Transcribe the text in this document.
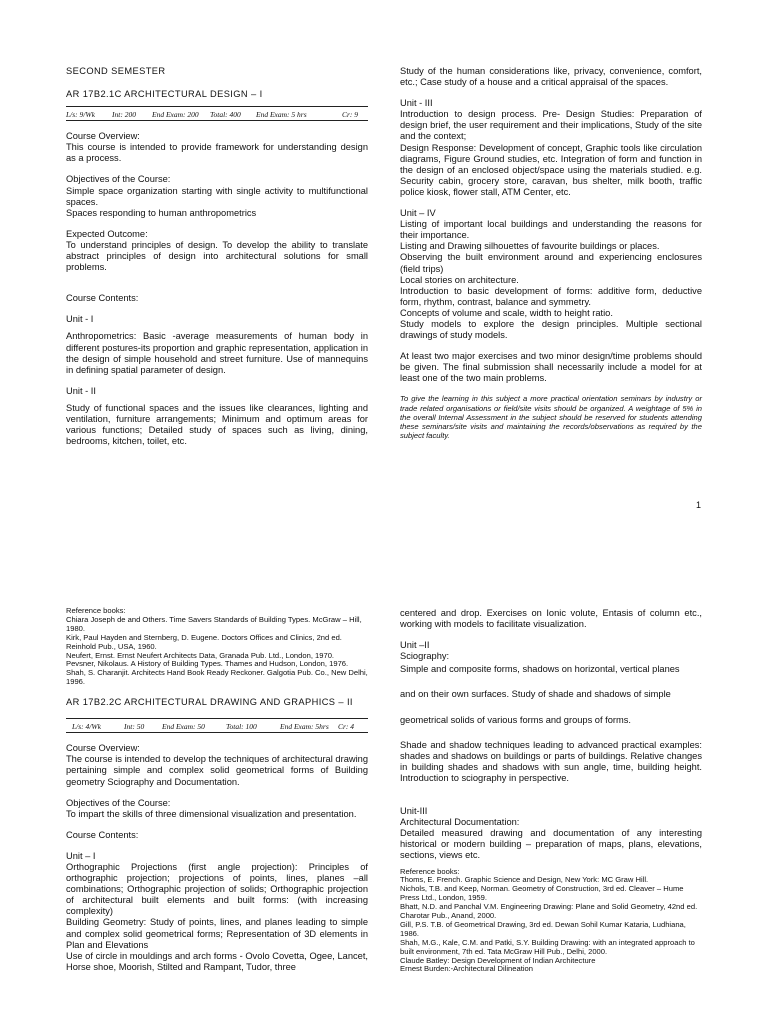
SECOND SEMESTER

AR 17B2.1C ARCHITECTURAL DESIGN – I

L/s: 9/Wk Int: 200 End Exam: 200 Total: 400 End Exam: 5 hrs	Cr: 9

Course Overview:

This course is intended to provide framework for understanding design as a process.

Objectives of the Course:

Simple space organization starting with single activity to multifunctional spaces.

Spaces responding to human anthropometrics

Expected Outcome:

To understand principles of design. To develop the ability to translate abstract principles of design into architectural solutions for small problems.

Course Contents:

Unit - I

Anthropometrics: Basic -average measurements of human body in different postures-its proportion and graphic representation, application in the design of simple household and street furniture. Use of mannequins in defining spatial parameter of design.

Unit - II

Study of functional spaces and the issues like clearances, lighting and ventilation, furniture arrangements; Minimum and optimum areas for various functions; Detailed study of spaces such as living, dining, bedrooms, kitchen, toilet, etc.

Study of the human considerations like, privacy, convenience, comfort, etc.; Case study of a house and a critical appraisal of the spaces.

Unit - III

Introduction to design process. Pre- Design Studies: Preparation of design brief, the user requirement and their implications, Study of the site and the context;

Design Response: Development of concept, Graphic tools like circulation diagrams, Figure Ground studies, etc. Integration of form and function in the design of an enclosed object/space using the materials studied. e.g. Security cabin, grocery store, caravan, bus shelter, milk booth, traffic police kiosk, flower stall, ATM Center, etc.

Unit – IV

Listing of important local buildings and understanding the reasons for their importance.

Listing and Drawing silhouettes of favourite buildings or places.

Observing the built environment around and experiencing enclosures (field trips)

Local stories on architecture.

Introduction to basic development of forms: additive form, deductive form, rhythm, contrast, balance and symmetry.

Concepts of volume and scale, width to height ratio.

Study models to explore the design principles. Multiple sectional drawings of study models.

At least two major exercises and two minor design/time problems should be given. The final submission shall necessarily include a model for at least one of the two main problems.

To give the learning in this subject a more practical orientation seminars by industry or trade related organisations or field/site visits should be organized. A weightage of 5% in the overall Internal Assessment in the subject should be reserved for students attending these seminars/site visits and maintaining the records/observations as required by the subject faculty.

1

Reference books:

Chiara Joseph de and Others. Time Savers Standards of Building Types. McGraw – Hill, 1980.

Kirk, Paul Hayden and Sternberg, D. Eugene. Doctors Offices and Clinics, 2nd ed. Reinhold Pub., USA, 1960.

Neufert, Ernst. Ernst Neufert Architects Data, Granada Pub. Ltd., London, 1970.

Pevsner, Nikolaus. A History of Building Types. Thames and Hudson, London, 1976.

Shah, S. Charanjit. Architects Hand Book Ready Reckoner. Galgotia Pub. Co., New Delhi, 1996.

AR 17B2.2C ARCHITECTURAL DRAWING AND GRAPHICS – II

L/s: 4/Wk	Int: 50 End Exam: 50	Total: 100	End Exam: 5hrs Cr: 4

Course Overview:

The course is intended to develop the techniques of architectural drawing pertaining simple and complex solid geometrical forms of Building geometry Sciography and Documentation.

Objectives of the Course:

To impart the skills of three dimensional visualization and presentation.

Course Contents:

Unit – I

Orthographic Projections (first angle projection): Principles of orthographic projection; projections of points, lines, planes –all combinations; Orthographic projection of solids; Orthographic projection of architectural built elements and built forms: (with increasing complexity)

Building Geometry: Study of points, lines, and planes leading to simple and complex solid geometrical forms; Representation of 3D elements in Plan and Elevations

Use of circle in mouldings and arch forms - Ovolo Covetta, Ogee, Lancet, Horse shoe, Moorish, Stilted and Rampant, Tudor, three

centered and drop. Exercises on Ionic volute, Entasis of column etc., working with models to facilitate visualization.

Unit –II

Sciography:

Simple and composite forms, shadows on horizontal, vertical planes

and on their own surfaces. Study of shade and shadows of simple

geometrical solids of various forms and groups of forms.

Shade and shadow techniques leading to advanced practical examples: shades and shadows on buildings or parts of buildings. Relative changes in building shades and shadows with sun angle, time, building height. Introduction to sciography in perspective.

Unit-III

Architectural Documentation:

Detailed measured drawing and documentation of any interesting historical or modern building – preparation of maps, plans, elevations, sections, views etc.

Reference books:

Thoms, E. French. Graphic Science and Design, New York: MC Graw Hill.

Nichols, T.B. and Keep, Norman. Geometry of Construction, 3rd ed. Cleaver – Hume Press Ltd., London, 1959.

Bhatt, N.D. and Panchal V.M. Engineering Drawing: Plane and Solid Geometry, 42nd ed. Charotar Pub., Anand, 2000.

Gill, P.S. T.B. of Geometrical Drawing, 3rd ed. Dewan Sohil Kumar Kataria, Ludhiana, 1986.

Shah, M.G., Kale, C.M. and Patki, S.Y. Building Drawing: with an integrated approach to built environment, 7th ed. Tata McGraw Hill Pub., Delhi, 2000.

Claude Batley: Design Development of Indian Architecture

Ernest Burden:-Architectural Dilineation
